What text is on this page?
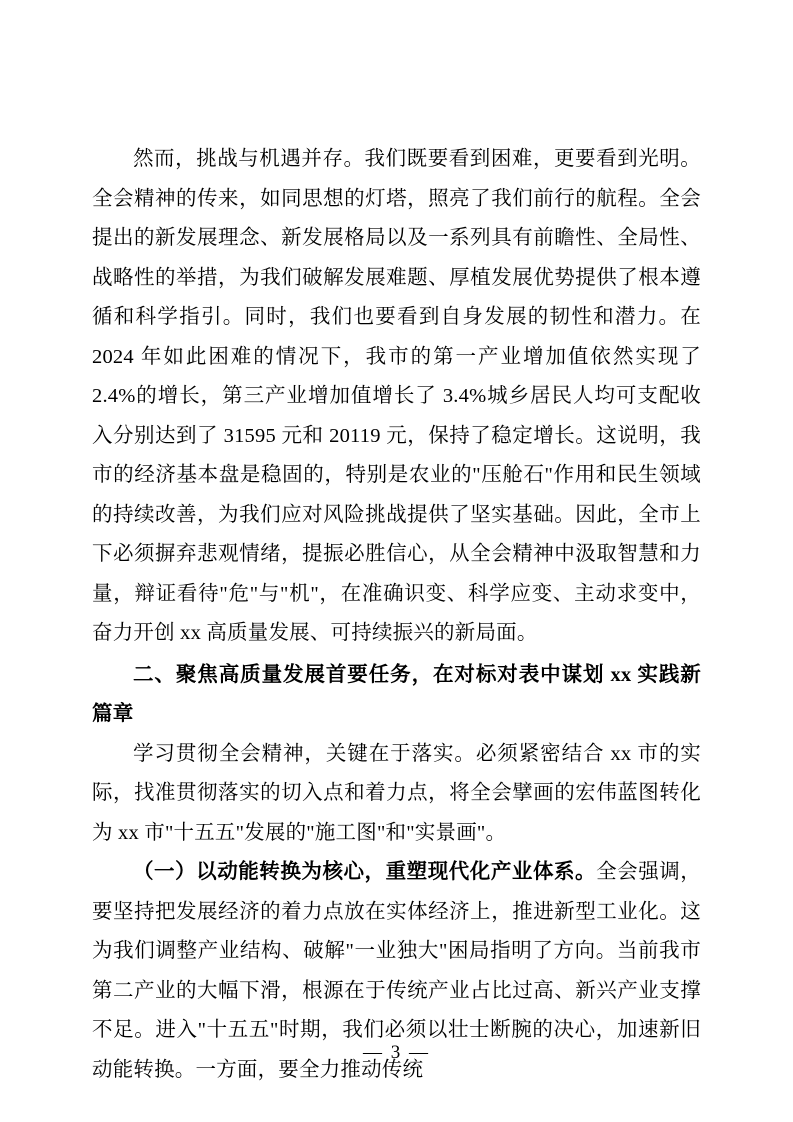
然而，挑战与机遇并存。我们既要看到困难，更要看到光明。全会精神的传来，如同思想的灯塔，照亮了我们前行的航程。全会提出的新发展理念、新发展格局以及一系列具有前瞻性、全局性、战略性的举措，为我们破解发展难题、厚植发展优势提供了根本遵循和科学指引。同时，我们也要看到自身发展的韧性和潜力。在 2024 年如此困难的情况下，我市的第一产业增加值依然实现了 2.4%的增长，第三产业增加值增长了 3.4%城乡居民人均可支配收入分别达到了 31595 元和 20119 元，保持了稳定增长。这说明，我市的经济基本盘是稳固的，特别是农业的"压舱石"作用和民生领域的持续改善，为我们应对风险挑战提供了坚实基础。因此，全市上下必须摒弃悲观情绪，提振必胜信心，从全会精神中汲取智慧和力量，辩证看待"危"与"机"，在准确识变、科学应变、主动求变中，奋力开创 xx 高质量发展、可持续振兴的新局面。

二、聚焦高质量发展首要任务，在对标对表中谋划 xx 实践新篇章

学习贯彻全会精神，关键在于落实。必须紧密结合 xx 市的实际，找准贯彻落实的切入点和着力点，将全会擘画的宏伟蓝图转化为 xx 市"十五五"发展的"施工图"和"实景画"。

（一）以动能转换为核心，重塑现代化产业体系。全会强调，要坚持把发展经济的着力点放在实体经济上，推进新型工业化。这为我们调整产业结构、破解"一业独大"困局指明了方向。当前我市第二产业的大幅下滑，根源在于传统产业占比过高、新兴产业支撑不足。进入"十五五"时期，我们必须以壮士断腕的决心，加速新旧动能转换。一方面，要全力推动传统

— 3 —
